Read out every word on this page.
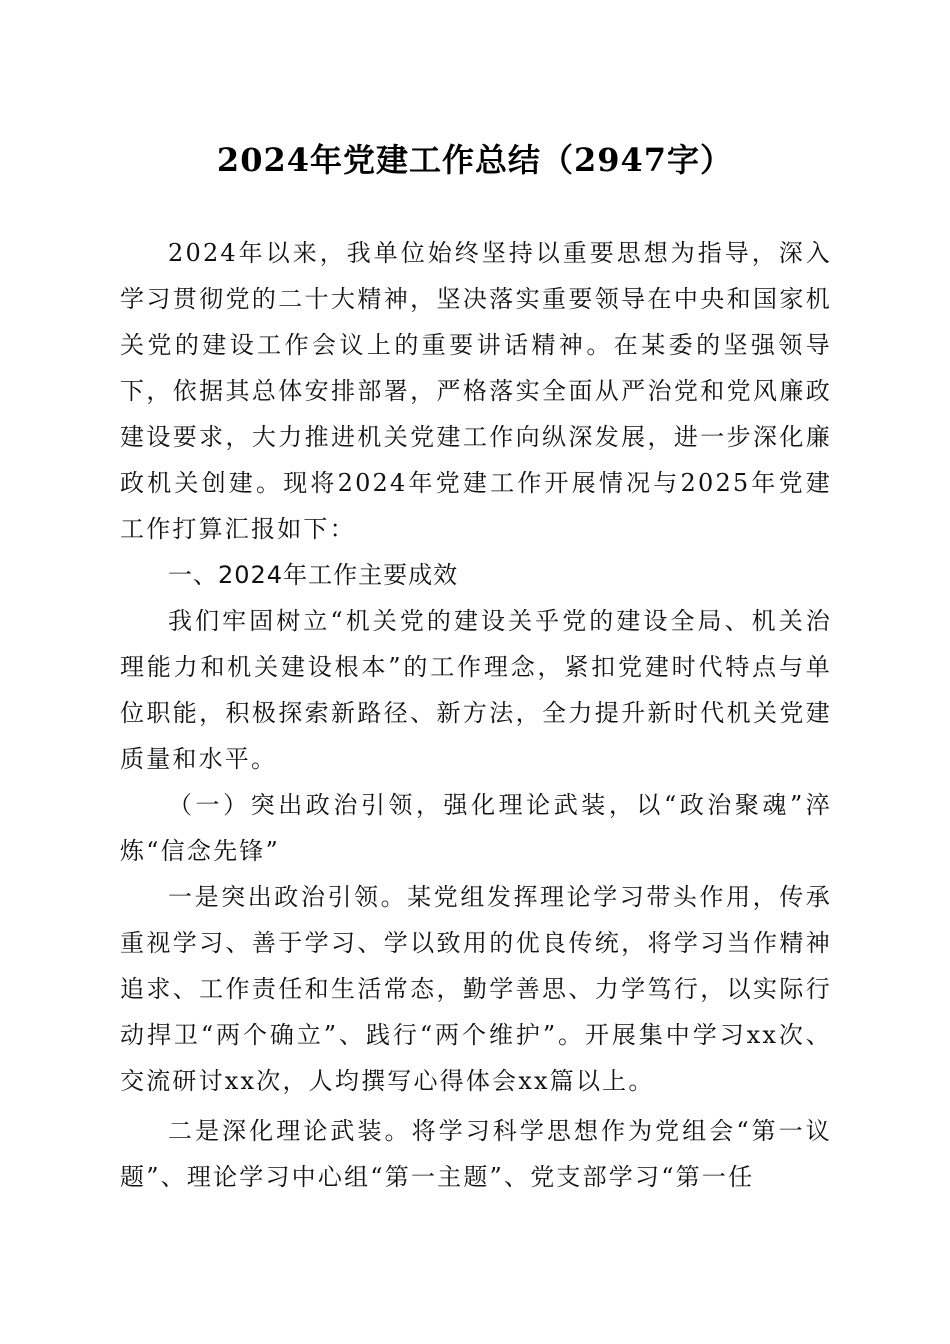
2024年党建工作总结（2947字）

2024年以来，我单位始终坚持以重要思想为指导，深入学习贯彻党的二十大精神，坚决落实重要领导在中央和国家机关党的建设工作会议上的重要讲话精神。在某委的坚强领导下，依据其总体安排部署，严格落实全面从严治党和党风廉政建设要求，大力推进机关党建工作向纵深发展，进一步深化廉政机关创建。现将2024年党建工作开展情况与2025年党建工作打算汇报如下：

一、2024年工作主要成效

我们牢固树立“机关党的建设关乎党的建设全局、机关治理能力和机关建设根本”的工作理念，紧扣党建时代特点与单位职能，积极探索新路径、新方法，全力提升新时代机关党建质量和水平。

（一）突出政治引领，强化理论武装，以“政治聚魂”淬炼“信念先锋”

一是突出政治引领。某党组发挥理论学习带头作用，传承重视学习、善于学习、学以致用的优良传统，将学习当作精神追求、工作责任和生活常态，勤学善思、力学笃行，以实际行动捍卫“两个确立”、践行“两个维护”。开展集中学习xx次、交流研讨xx次，人均撰写心得体会xx篇以上。

二是深化理论武装。将学习科学思想作为党组会“第一议题”、理论学习中心组“第一主题”、党支部学习“第一任
